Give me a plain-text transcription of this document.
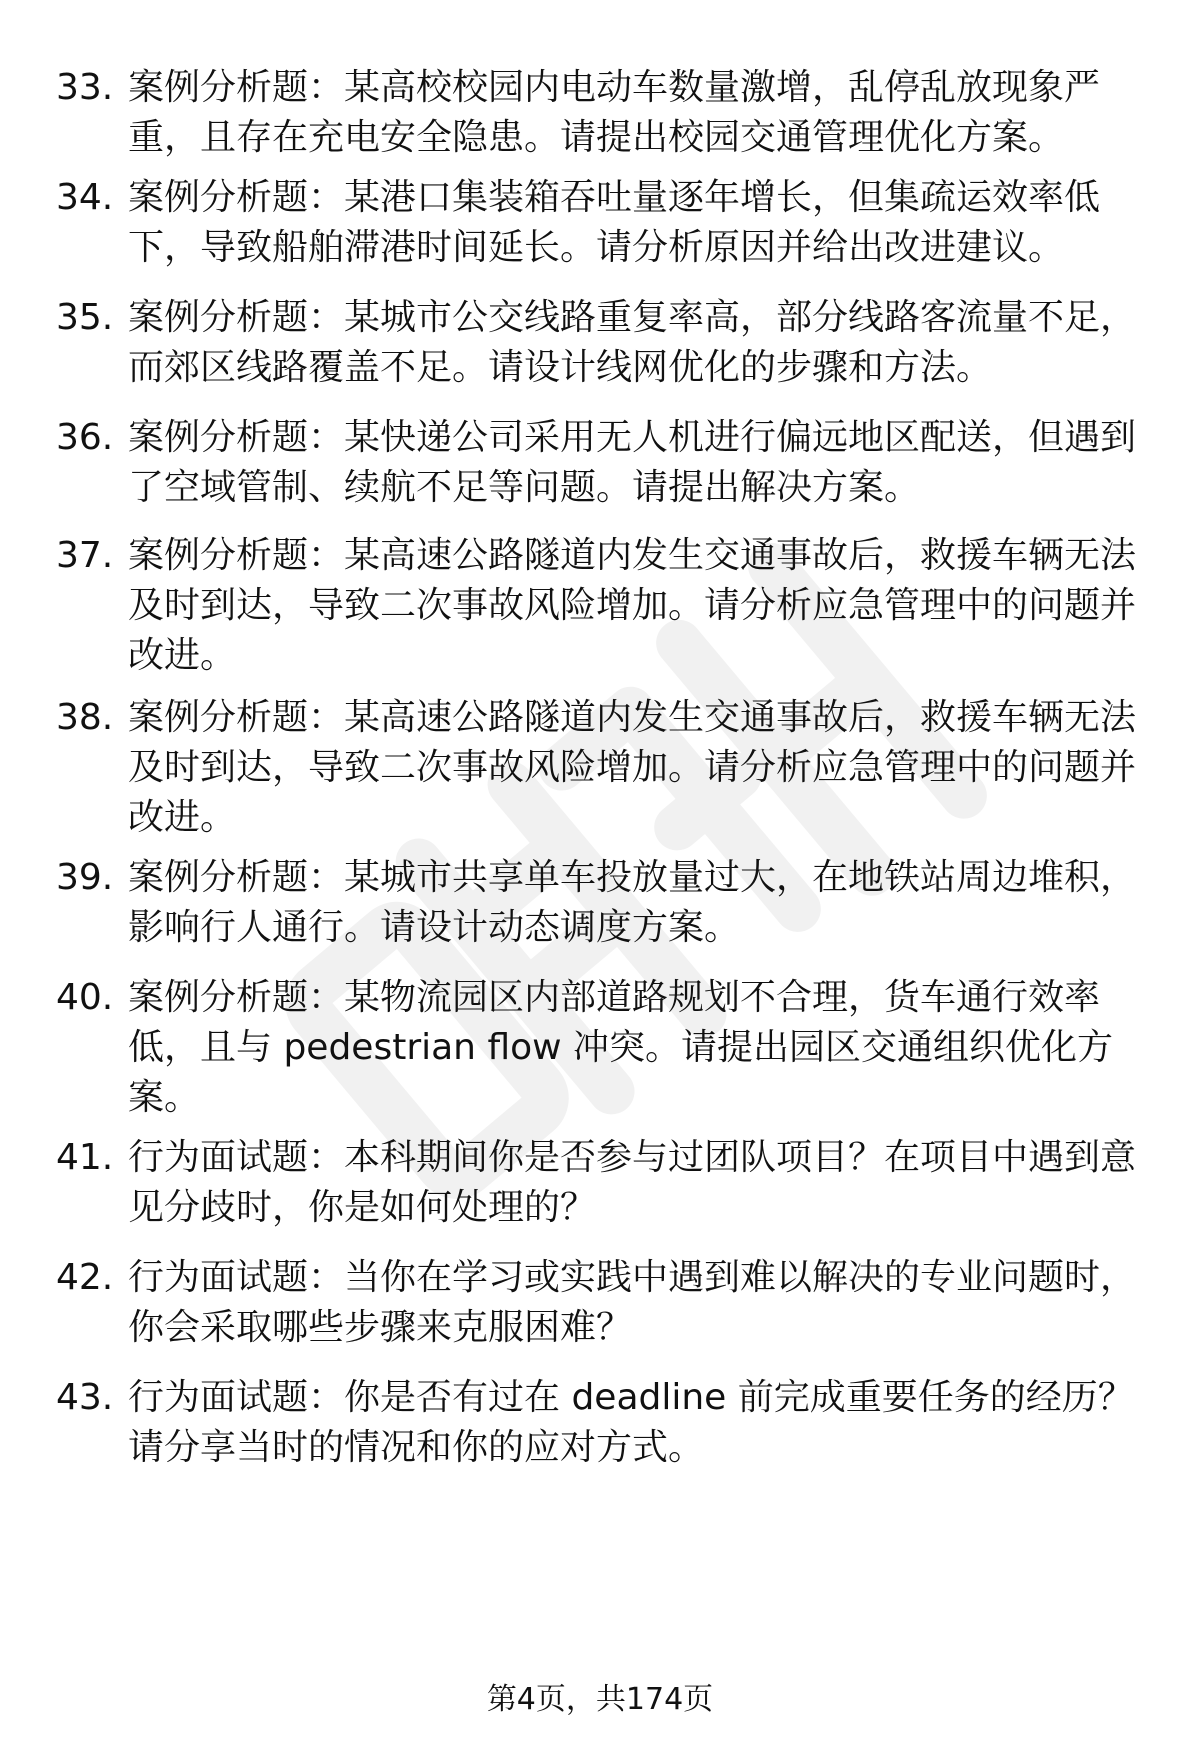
33. 案例分析题：某高校校园内电动车数量激增，乱停乱放现象严
重，且存在充电安全隐患。请提出校园交通管理优化方案。
34. 案例分析题：某港口集装箱吞吐量逐年增长，但集疏运效率低
下，导致船舶滞港时间延长。请分析原因并给出改进建议。
35. 案例分析题：某城市公交线路重复率高，部分线路客流量不足，
而郊区线路覆盖不足。请设计线网优化的步骤和方法。
36. 案例分析题：某快递公司采用无人机进行偏远地区配送，但遇到
了空域管制、续航不足等问题。请提出解决方案。
37. 案例分析题：某高速公路隧道内发生交通事故后，救援车辆无法
及时到达，导致二次事故风险增加。请分析应急管理中的问题并
改进。
38. 案例分析题：某高速公路隧道内发生交通事故后，救援车辆无法
及时到达，导致二次事故风险增加。请分析应急管理中的问题并
改进。
39. 案例分析题：某城市共享单车投放量过大，在地铁站周边堆积，
影响行人通行。请设计动态调度方案。
40. 案例分析题：某物流园区内部道路规划不合理，货车通行效率
低，且与 pedestrian flow 冲突。请提出园区交通组织优化方
案。
41. 行为面试题：本科期间你是否参与过团队项目？在项目中遇到意
见分歧时，你是如何处理的？
42. 行为面试题：当你在学习或实践中遇到难以解决的专业问题时，
你会采取哪些步骤来克服困难？
43. 行为面试题：你是否有过在 deadline 前完成重要任务的经历？
请分享当时的情况和你的应对方式。
第4页，共174页
